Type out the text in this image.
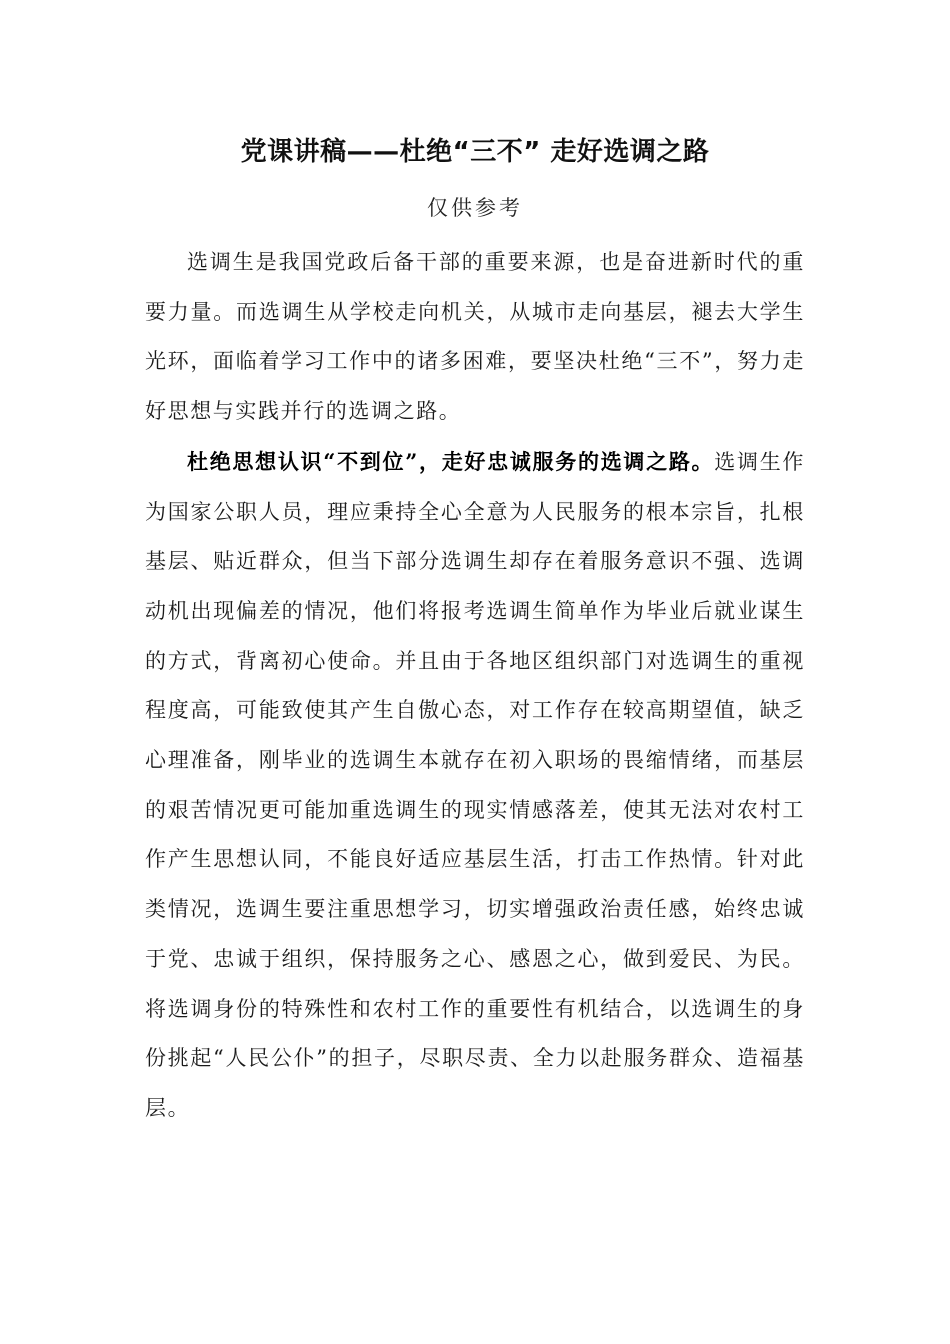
党课讲稿——杜绝“三不” 走好选调之路
仅供参考

选调生是我国党政后备干部的重要来源，也是奋进新时代的重要力量。而选调生从学校走向机关，从城市走向基层，褪去大学生光环，面临着学习工作中的诸多困难，要坚决杜绝“三不”，努力走好思想与实践并行的选调之路。

杜绝思想认识“不到位”，走好忠诚服务的选调之路。选调生作为国家公职人员，理应秉持全心全意为人民服务的根本宗旨，扎根基层、贴近群众，但当下部分选调生却存在着服务意识不强、选调动机出现偏差的情况，他们将报考选调生简单作为毕业后就业谋生的方式，背离初心使命。并且由于各地区组织部门对选调生的重视程度高，可能致使其产生自傲心态，对工作存在较高期望值，缺乏心理准备，刚毕业的选调生本就存在初入职场的畏缩情绪，而基层的艰苦情况更可能加重选调生的现实情感落差，使其无法对农村工作产生思想认同，不能良好适应基层生活，打击工作热情。针对此类情况，选调生要注重思想学习，切实增强政治责任感，始终忠诚于党、忠诚于组织，保持服务之心、感恩之心，做到爱民、为民。将选调身份的特殊性和农村工作的重要性有机结合，以选调生的身份挑起“人民公仆”的担子，尽职尽责、全力以赴服务群众、造福基层。
